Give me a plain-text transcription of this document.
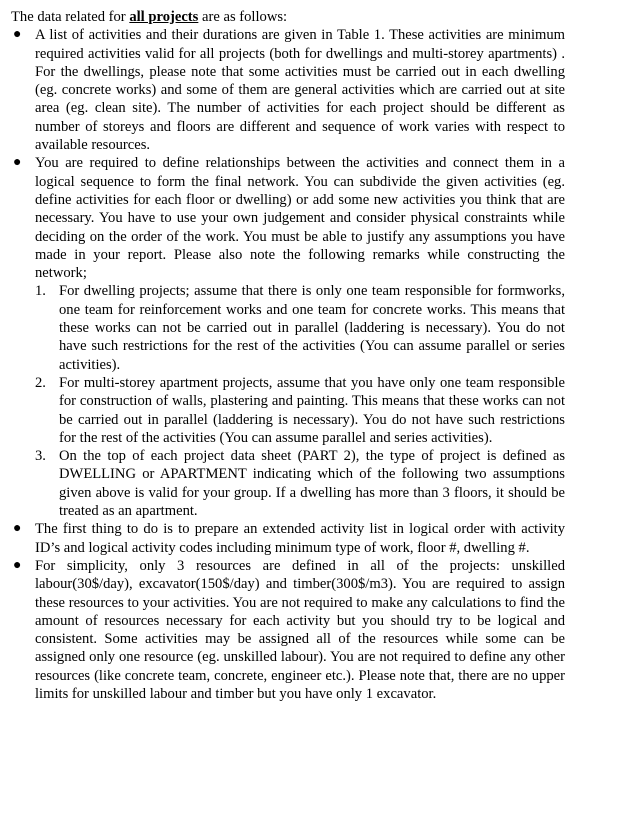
The data related for all projects are as follows:

● A list of activities and their durations are given in Table 1. These activities are minimum required activities valid for all projects (both for dwellings and multi-storey apartments) . For the dwellings, please note that some activities must be carried out in each dwelling (eg. concrete works) and some of them are general activities which are carried out at site area (eg. clean site). The number of activities for each project should be different as number of storeys and floors are different and sequence of work varies with respect to available resources.
● You are required to define relationships between the activities and connect them in a logical sequence to form the final network. You can subdivide the given activities (eg. define activities for each floor or dwelling) or add some new activities you think that are necessary. You have to use your own judgement and consider physical constraints while deciding on the order of the work. You must be able to justify any assumptions you have made in your report. Please also note the following remarks while constructing the network;
1. For dwelling projects; assume that there is only one team responsible for formworks, one team for reinforcement works and one team for concrete works. This means that these works can not be carried out in parallel (laddering is necessary). You do not have such restrictions for the rest of the activities (You can assume parallel or series activities).
2. For multi-storey apartment projects, assume that you have only one team responsible for construction of walls, plastering and painting. This means that these works can not be carried out in parallel (laddering is necessary). You do not have such restrictions for the rest of the activities (You can assume parallel and series activities).
3. On the top of each project data sheet (PART 2), the type of project is defined as DWELLING or APARTMENT indicating which of the following two assumptions given above is valid for your group. If a dwelling has more than 3 floors, it should be treated as an apartment.
● The first thing to do is to prepare an extended activity list in logical order with activity ID’s and logical activity codes including minimum type of work, floor #, dwelling #.
● For simplicity, only 3 resources are defined in all of the projects: unskilled labour(30$/day), excavator(150$/day) and timber(300$/m3). You are required to assign these resources to your activities. You are not required to make any calculations to find the amount of resources necessary for each activity but you should try to be logical and consistent. Some activities may be assigned all of the resources while some can be assigned only one resource (eg. unskilled labour). You are not required to define any other resources (like concrete team, concrete, engineer etc.). Please note that, there are no upper limits for unskilled labour and timber but you have only 1 excavator.
